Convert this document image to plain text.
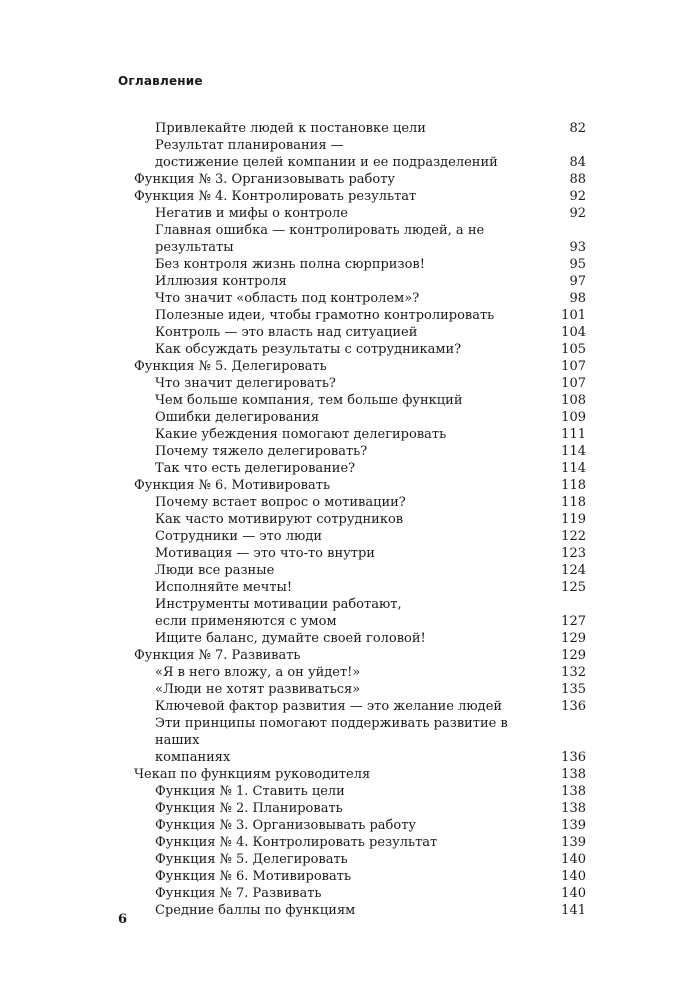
Оглавление
Привлекайте людей к постановке цели	82
Результат планирования —
достижение целей компании и ее подразделений	84
Функция № 3. Организовывать работу	88
Функция № 4. Контролировать результат	92
Негатив и мифы о контроле	92
Главная ошибка — контролировать людей, а не результаты	93
Без контроля жизнь полна сюрпризов!	95
Иллюзия контроля	97
Что значит «область под контролем»?	98
Полезные идеи, чтобы грамотно контролировать	101
Контроль — это власть над ситуацией	104
Как обсуждать результаты с сотрудниками?	105
Функция № 5. Делегировать	107
Что значит делегировать?	107
Чем больше компания, тем больше функций	108
Ошибки делегирования	109
Какие убеждения помогают делегировать	111
Почему тяжело делегировать?	114
Так что есть делегирование?	114
Функция № 6. Мотивировать	118
Почему встает вопрос о мотивации?	118
Как часто мотивируют сотрудников	119
Сотрудники — это люди	122
Мотивация — это что-то внутри	123
Люди все разные	124
Исполняйте мечты!	125
Инструменты мотивации работают,
если применяются с умом	127
Ищите баланс, думайте своей головой!	129
Функция № 7. Развивать	129
«Я в него вложу, а он уйдет!»	132
«Люди не хотят развиваться»	135
Ключевой фактор развития — это желание людей	136
Эти принципы помогают поддерживать развитие в наших
компаниях	136
Чекап по функциям руководителя	138
Функция № 1. Ставить цели	138
Функция № 2. Планировать	138
Функция № 3. Организовывать работу	139
Функция № 4. Контролировать результат	139
Функция № 5. Делегировать	140
Функция № 6. Мотивировать	140
Функция № 7. Развивать	140
Средние баллы по функциям	141
6
